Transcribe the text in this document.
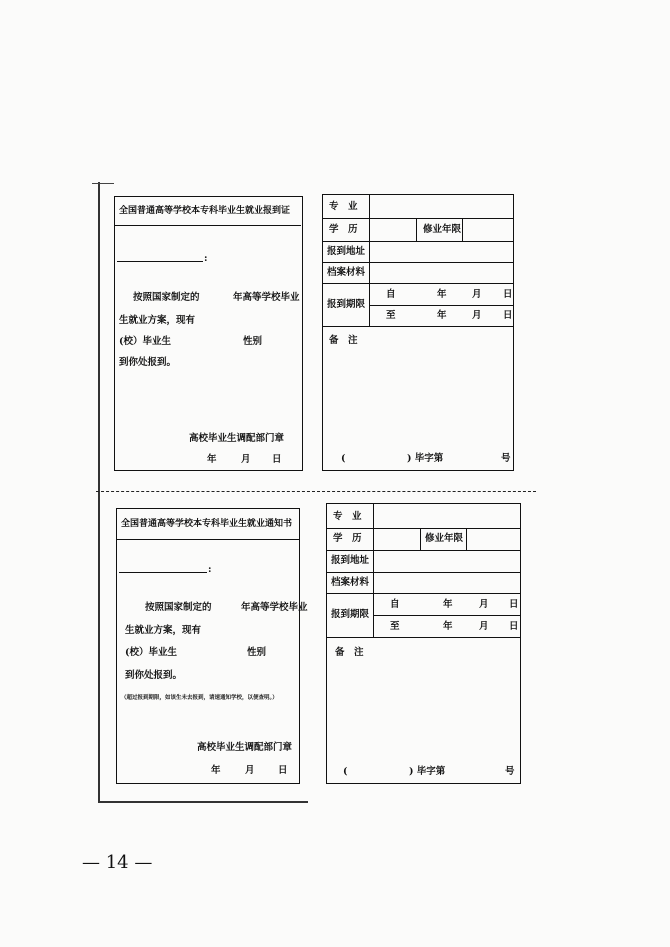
全国普通高等学校本专科毕业生就业报到证
:
按照国家制定的	年高等学校毕业
生就业方案，现有
(校）毕业生	性别
到你处报到。
高校毕业生调配部门章
年	月 日
专　业
学　历	修业年限
报到地址
档案材料
报到期限
自	年	月 日
至	年	月 日
备　注
(	) 毕字第	号
全国普通高等学校本专科毕业生就业通知书
:
按照国家制定的	年高等学校毕业
生就业方案，现有
(校）毕业生	性别
到你处报到。
（超过报到期限，如该生未去报到，请速通知学校，以便查明。）
高校毕业生调配部门章
年	月 日
专　业
学　历	修业年限
报到地址
档案材料
报到期限
自	年	月 日
至	年	月 日
备　注
(	) 毕字第	号
— 14 —
